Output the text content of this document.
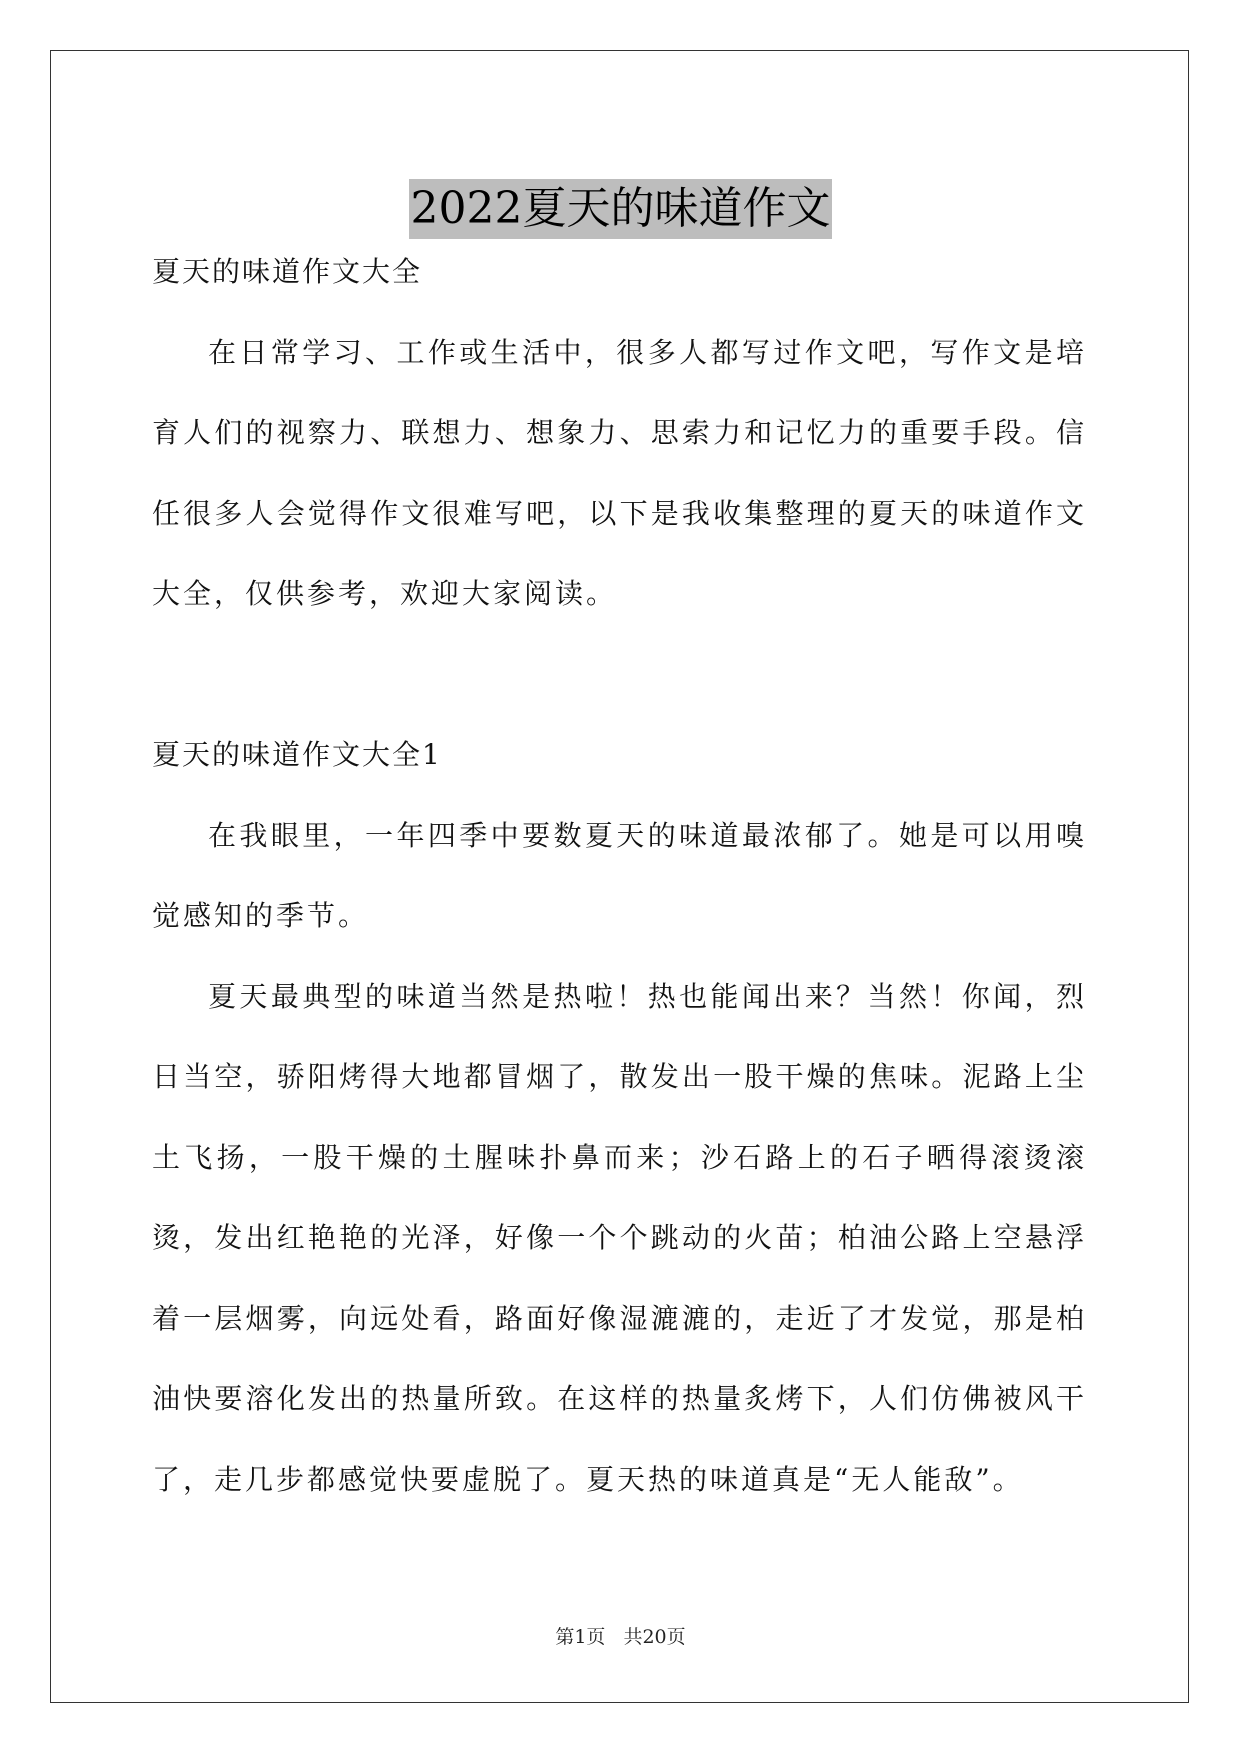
2022夏天的味道作文

夏天的味道作文大全

在日常学习、工作或生活中，很多人都写过作文吧，写作文是培育人们的视察力、联想力、想象力、思索力和记忆力的重要手段。信任很多人会觉得作文很难写吧，以下是我收集整理的夏天的味道作文大全，仅供参考，欢迎大家阅读。

夏天的味道作文大全1

在我眼里，一年四季中要数夏天的味道最浓郁了。她是可以用嗅觉感知的季节。

夏天最典型的味道当然是热啦！热也能闻出来？当然！你闻，烈日当空，骄阳烤得大地都冒烟了，散发出一股干燥的焦味。泥路上尘土飞扬，一股干燥的土腥味扑鼻而来；沙石路上的石子晒得滚烫滚烫，发出红艳艳的光泽，好像一个个跳动的火苗；柏油公路上空悬浮着一层烟雾，向远处看，路面好像湿漉漉的，走近了才发觉，那是柏油快要溶化发出的热量所致。在这样的热量炙烤下，人们仿佛被风干了，走几步都感觉快要虚脱了。夏天热的味道真是“无人能敌”。

第1页 共20页
